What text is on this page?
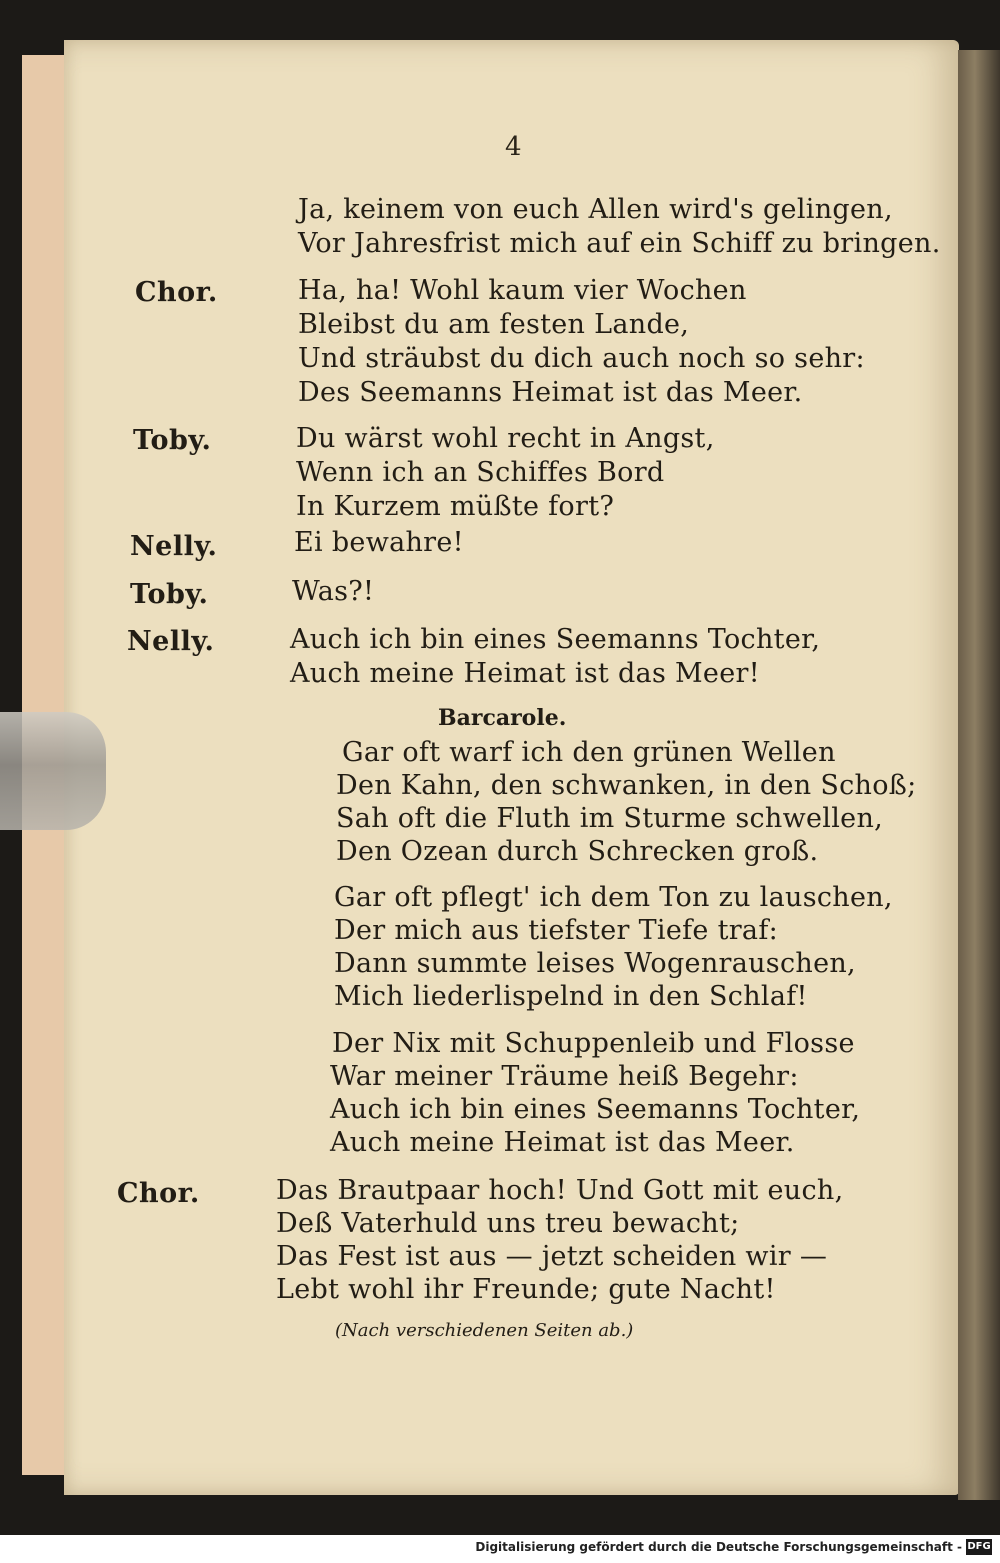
4
Ja, keinem von euch Allen wird's gelingen,
Vor Jahresfrist mich auf ein Schiff zu bringen.
Chor.	Ha, ha! Wohl kaum vier Wochen
Bleibst du am festen Lande,
Und sträubst du dich auch noch so sehr:
Des Seemanns Heimat ist das Meer.
Toby.	Du wärst wohl recht in Angst,
Wenn ich an Schiffes Bord
In Kurzem müßte fort?
Nelly.	Ei bewahre!
Toby.	Was?!
Nelly.	Auch ich bin eines Seemanns Tochter,
Auch meine Heimat ist das Meer!
Barcarole.
Gar oft warf ich den grünen Wellen
Den Kahn, den schwanken, in den Schoß;
Sah oft die Fluth im Sturme schwellen,
Den Ozean durch Schrecken groß.
Gar oft pflegt' ich dem Ton zu lauschen,
Der mich aus tiefster Tiefe traf:
Dann summte leises Wogenrauschen,
Mich liederlispelnd in den Schlaf!
Der Nix mit Schuppenleib und Flosse
War meiner Träume heiß Begehr:
Auch ich bin eines Seemanns Tochter,
Auch meine Heimat ist das Meer.
Chor.	Das Brautpaar hoch! Und Gott mit euch,
Deß Vaterhuld uns treu bewacht;
Das Fest ist aus — jetzt scheiden wir —
Lebt wohl ihr Freunde; gute Nacht!
(Nach verschiedenen Seiten ab.)
Digitalisierung gefördert durch die Deutsche Forschungsgemeinschaft - DFG
